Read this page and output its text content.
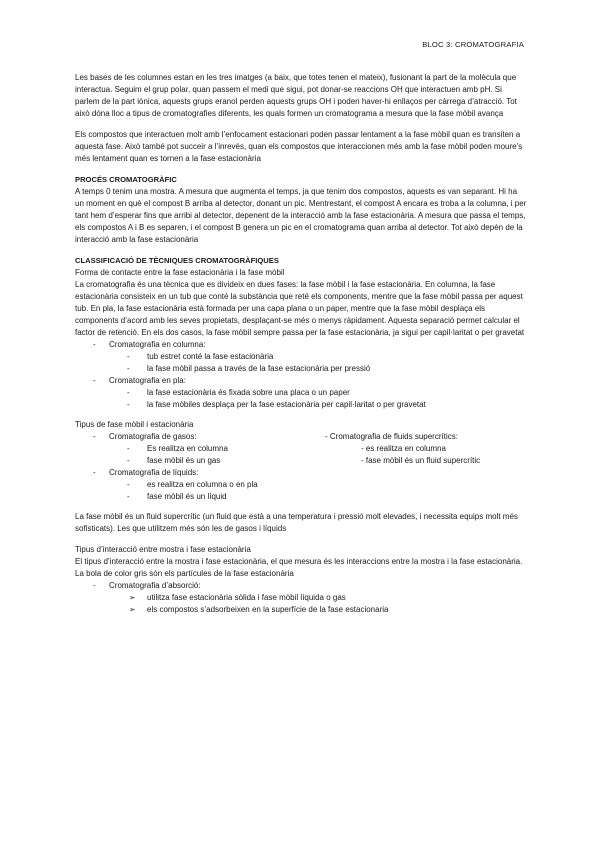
BLOC 3: CROMATOGRAFIA

Les bases de les columnes estan en les tres imatges (a baix, que totes tenen el mateix), fusionant la part de la molècula que interactua. Seguim el grup polar, quan passem el medi que sigui, pot donar-se reaccions OH que interactuen amb pH. Si parlem de la part iònica, aquests grups eranol perden aquests grups OH i poden haver-hi enllaços per càrrega d’atracció. Tot això dóna lloc a tipus de cromatografies diferents, les quals formen un cromatograma a mesura que la fase mòbil avança

Els compostos que interactuen molt amb l’enfocament estacionari poden passar lentament a la fase mòbil quan es transiten a aquesta fase. Això també pot succeir a l’inrevés, quan els compostos que interaccionen més amb la fase mòbil poden moure’s més lentament quan es tornen a la fase estacionària

PROCÉS CROMATOGRÀFIC

A temps 0 tenim una mostra. A mesura que augmenta el temps, ja que tenim dos compostos, aquests es van separant. Hi ha un moment en què el compost B arriba al detector, donant un pic. Mentrestant, el compost A encara es troba a la columna, i per tant hem d’esperar fins que arribi al detector, depenent de la interacció amb la fase estacionària. A mesura que passa el temps, els compostos A i B es separen, i el compost B genera un pic en el cromatograma quan arriba al detector. Tot això depèn de la interacció amb la fase estacionària

CLASSIFICACIÓ DE TÈCNIQUES CROMATOGRÀFIQUES

Forma de contacte entre la fase estacionària i la fase mòbil

La cromatografia és una tècnica que es divideix en dues fases: la fase mòbil i la fase estacionària. En columna, la fase estacionària consisteix en un tub que conté la substància que reté els components, mentre que la fase mòbil passa per aquest tub. En pla, la fase estacionària està formada per una capa plana o un paper, mentre que la fase mòbil desplaça els components d’acord amb les seves propietats, desplaçant-se més o menys ràpidament. Aquesta separació permet calcular el factor de retenció. En els dos casos, la fase mòbil sempre passa per la fase estacionària, ja sigui per capil·laritat o per gravetat

- Cromatografia en columna:
- tub estret conté la fase estacionària
- la fase mòbil passa a través de la fase estacionària per pressió
- Cromatografia en pla:
- la fase estacionària és fixada sobre una placa o un paper
- la fase mòbiles desplaça per la fase estacionària per capil·laritat o per gravetat

Tipus de fase mòbil i estacionària

- Cromatografia de gasos:	- Cromatografia de fluids supercrítics:
- Es realitza en columna	- es realitza en columna
- fase mòbil és un gas	- fase mòbil és un fluid supercrític
- Cromatografia de líquids:
- es realitza en columna o en pla
- fase mòbil és un líquid

La fase mòbil és un fluid supercrític (un fluid que està a una temperatura i pressió molt elevades, i necessita equips molt més sofisticats). Les que utilitzem més són les de gasos i líquids

Tipus d’interacció entre mostra i fase estacionària

El tipus d’interacció entre la mostra i fase estacionària, el que mesura és les interaccions entre la mostra i la fase estacionària. La bola de color gris són els partícules de la fase estacionària

- Cromatografia d’absorció:
➢ utilitza fase estacionària sòlida i fase mòbil líquida o gas
➢ els compostos s’adsorbeixen en la superfície de la fase estacionaria
